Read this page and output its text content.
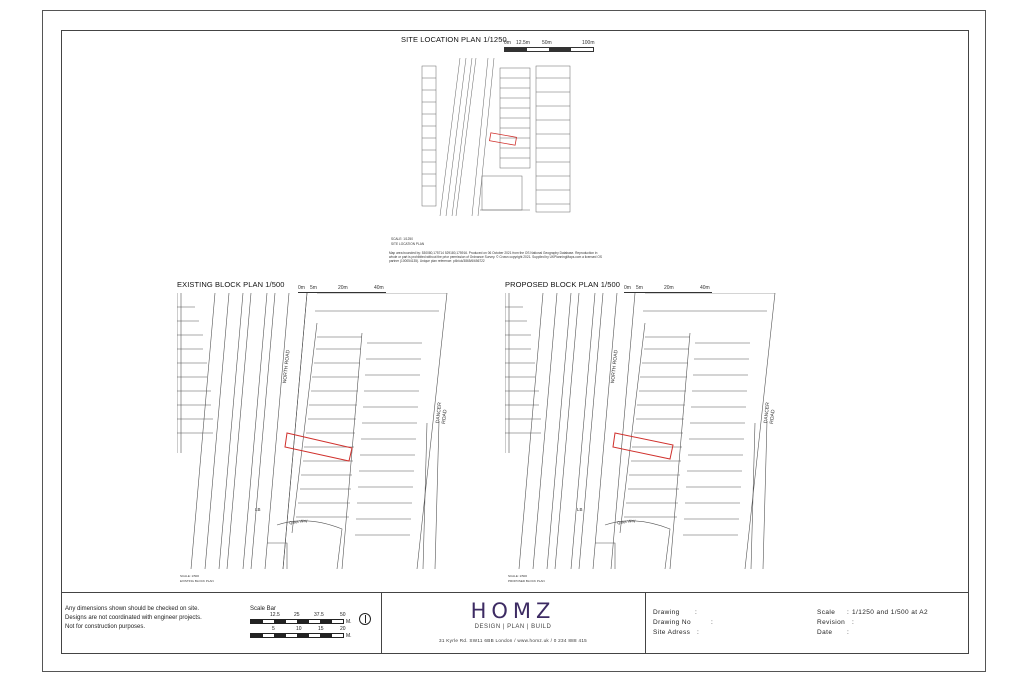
SITE LOCATION PLAN 1/1250
0m 12.5m 50m	100m
SCALE: 1/1250
SITE LOCATION PLAN
Map area bounded by: 530080,175714 529180,175916. Produced on 06 October 2021 from the OS National Geography Database. Reproduction in whole or part is prohibited without the prior permission of Ordnance Survey. © Crown copyright 2021. Supplied by UKPlanningMaps.com a licensed OS partner (100054135). Unique plan reference: p4b/uk/3865/6/656722
EXISTING BLOCK PLAN 1/500	0m 5m	20m	40m
NORTH ROAD
DANCER ROAD
Quiet Way
LB
SCALE: 1/500
EXISTING BLOCK PLAN
PROPOSED BLOCK PLAN 1/500 0m 5m	20m	40m
NORTH ROAD
DANCER ROAD
Quiet Way
LB
SCALE: 1/500
PROPOSED BLOCK PLAN
Any dimensions shown should be checked on site.
Designs are not coordinated with engineer projects.
Not for construction purposes.
Scale Bar
12.5	25	37.5	50
M.
5	10	15	20
M.
HOMZ
DESIGN | PLAN | BUILD
31 Kyrle Rd. SW11 6BB London / www.homz.uk / 0 234 888 415
Drawing :
Drawing No	:
Site Adress :
Scale : 1/1250 and 1/500 at A2
Revision :
Date :
